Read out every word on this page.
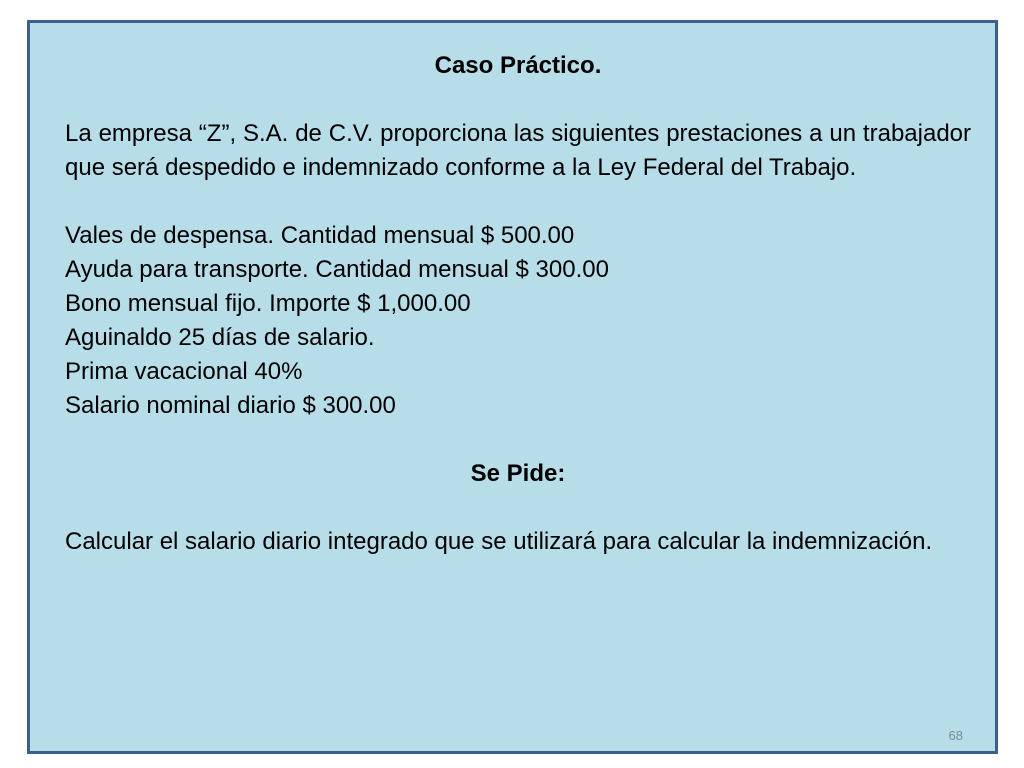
Caso Práctico.

La empresa “Z”, S.A. de C.V. proporciona las siguientes prestaciones a un trabajador que será despedido e indemnizado conforme a la Ley Federal del Trabajo.

Vales de despensa. Cantidad mensual $ 500.00
Ayuda para transporte. Cantidad mensual $ 300.00
Bono mensual fijo. Importe $ 1,000.00
Aguinaldo 25 días de salario.
Prima vacacional 40%
Salario nominal diario $ 300.00

Se Pide:

Calcular el salario diario integrado que se utilizará para calcular la indemnización.

68
